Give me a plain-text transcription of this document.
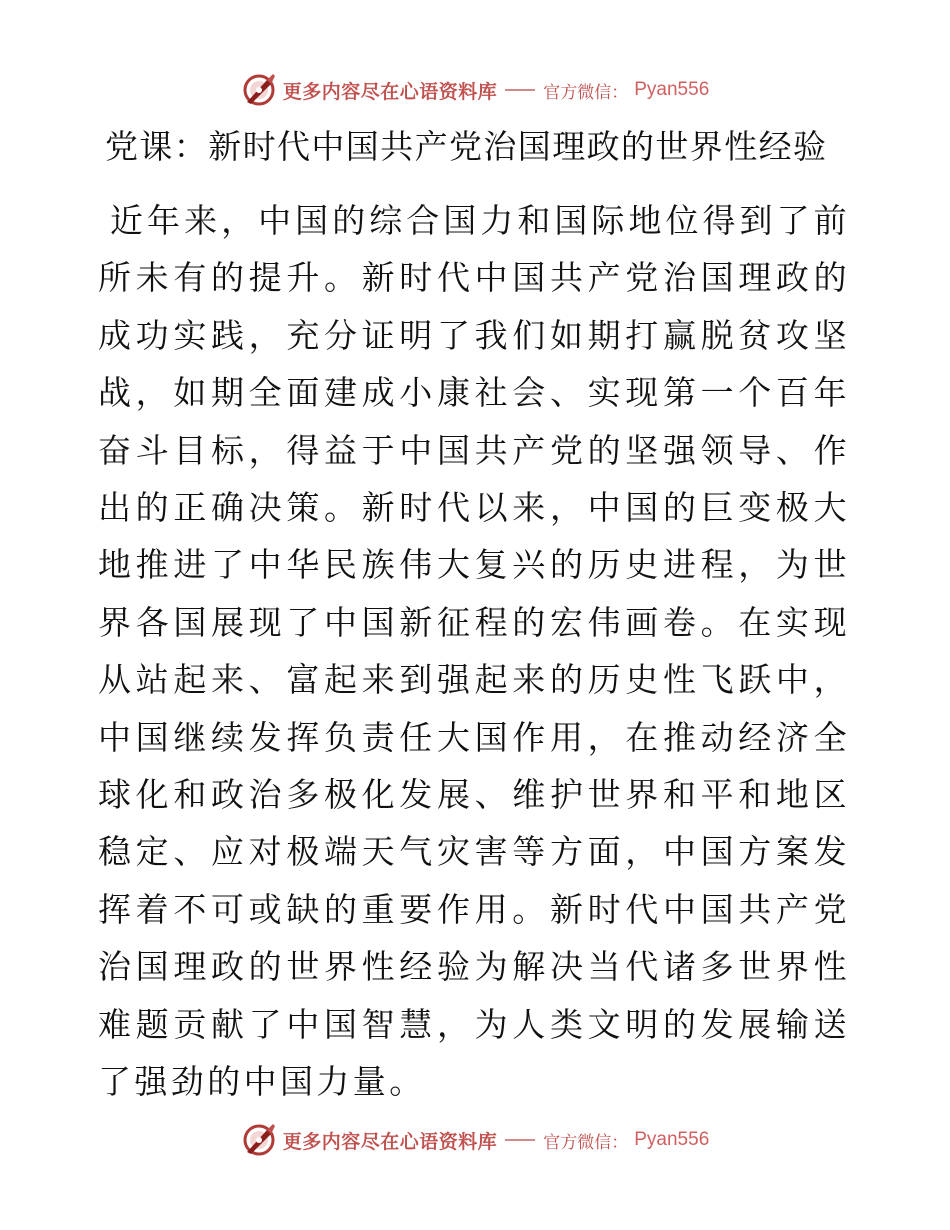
更多内容尽在心语资料库	官方微信： Pyan556
党课：新时代中国共产党治国理政的世界性经验

近年来，中国的综合国力和国际地位得到了前所未有的提升。新时代中国共产党治国理政的成功实践，充分证明了我们如期打赢脱贫攻坚战，如期全面建成小康社会、实现第一个百年奋斗目标，得益于中国共产党的坚强领导、作出的正确决策。新时代以来，中国的巨变极大地推进了中华民族伟大复兴的历史进程，为世界各国展现了中国新征程的宏伟画卷。在实现从站起来、富起来到强起来的历史性飞跃中，中国继续发挥负责任大国作用，在推动经济全球化和政治多极化发展、维护世界和平和地区稳定、应对极端天气灾害等方面，中国方案发挥着不可或缺的重要作用。新时代中国共产党治国理政的世界性经验为解决当代诸多世界性难题贡献了中国智慧，为人类文明的发展输送了强劲的中国力量。

更多内容尽在心语资料库	官方微信： Pyan556
